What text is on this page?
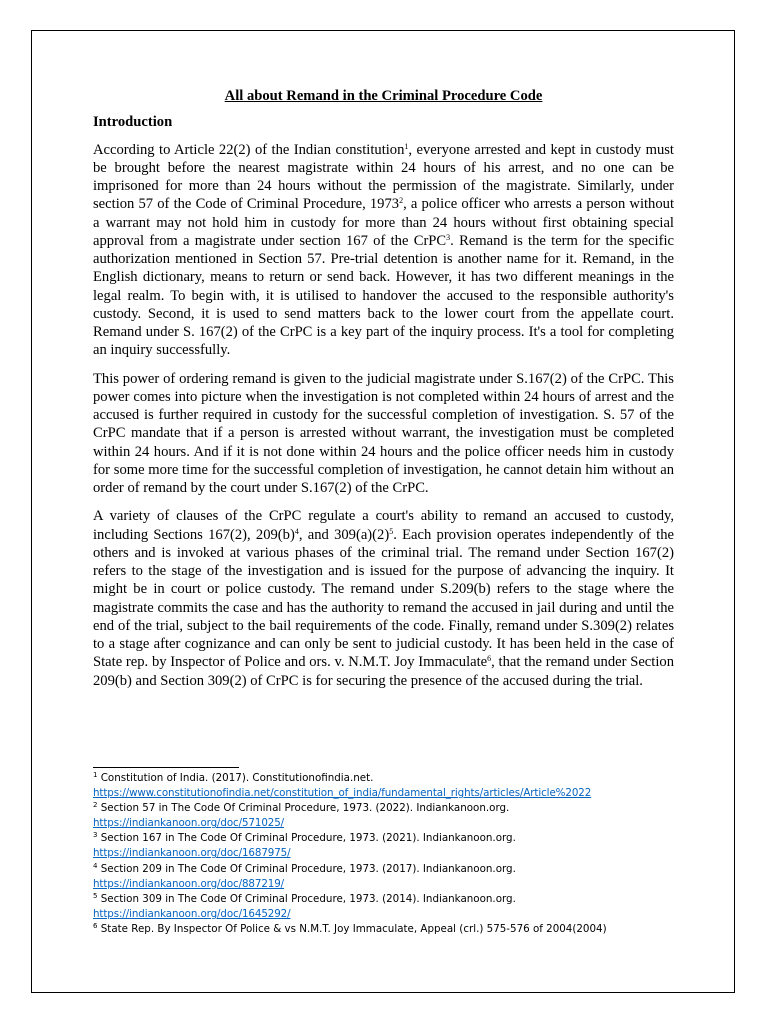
All about Remand in the Criminal Procedure Code
Introduction

According to Article 22(2) of the Indian constitution$^1$, everyone arrested and kept in custody must be brought before the nearest magistrate within 24 hours of his arrest, and no one can be imprisoned for more than 24 hours without the permission of the magistrate. Similarly, under section 57 of the Code of Criminal Procedure, 1973$^2$, a police officer who arrests a person without a warrant may not hold him in custody for more than 24 hours without first obtaining special approval from a magistrate under section 167 of the CrPC$^3$. Remand is the term for the specific authorization mentioned in Section 57. Pre-trial detention is another name for it. Remand, in the English dictionary, means to return or send back. However, it has two different meanings in the legal realm. To begin with, it is utilised to handover the accused to the responsible authority's custody. Second, it is used to send matters back to the lower court from the appellate court. Remand under S. 167(2) of the CrPC is a key part of the inquiry process. It's a tool for completing an inquiry successfully.

This power of ordering remand is given to the judicial magistrate under S.167(2) of the CrPC. This power comes into picture when the investigation is not completed within 24 hours of arrest and the accused is further required in custody for the successful completion of investigation. S. 57 of the CrPC mandate that if a person is arrested without warrant, the investigation must be completed within 24 hours. And if it is not done within 24 hours and the police officer needs him in custody for some more time for the successful completion of investigation, he cannot detain him without an order of remand by the court under S.167(2) of the CrPC.

A variety of clauses of the CrPC regulate a court's ability to remand an accused to custody, including Sections 167(2), $209(b)^4$, and $309(a)(2)^5$. Each provision operates independently of the others and is invoked at various phases of the criminal trial. The remand under Section 167(2) refers to the stage of the investigation and is issued for the purpose of advancing the inquiry. It might be in court or police custody. The remand under S.209(b) refers to the stage where the magistrate commits the case and has the authority to remand the accused in jail during and until the end of the trial, subject to the bail requirements of the code. Finally, remand under S.309(2) relates to a stage after cognizance and can only be sent to judicial custody. It has been held in the case of State rep. by Inspector of Police and ors. v. N.M.T. Joy Immaculate$^6$, that the remand under Section 209(b) and Section 309(2) of CrPC is for securing the presence of the accused during the trial.

$^1$ Constitution of India. (2017). Constitutionofindia.net.
https://www.constitutionofindia.net/constitution_of_india/fundamental_rights/articles/Article%2022
$^2$ Section 57 in The Code Of Criminal Procedure, 1973. (2022). Indiankanoon.org.
https://indiankanoon.org/doc/571025/
$^3$ Section 167 in The Code Of Criminal Procedure, 1973. (2021). Indiankanoon.org.
https://indiankanoon.org/doc/1687975/
$^4$ Section 209 in The Code Of Criminal Procedure, 1973. (2017). Indiankanoon.org.
https://indiankanoon.org/doc/887219/
$^5$ Section 309 in The Code Of Criminal Procedure, 1973. (2014). Indiankanoon.org.
https://indiankanoon.org/doc/1645292/
$^6$ State Rep. By Inspector Of Police & vs N.M.T. Joy Immaculate, Appeal (crl.) 575-576 of 2004(2004)
